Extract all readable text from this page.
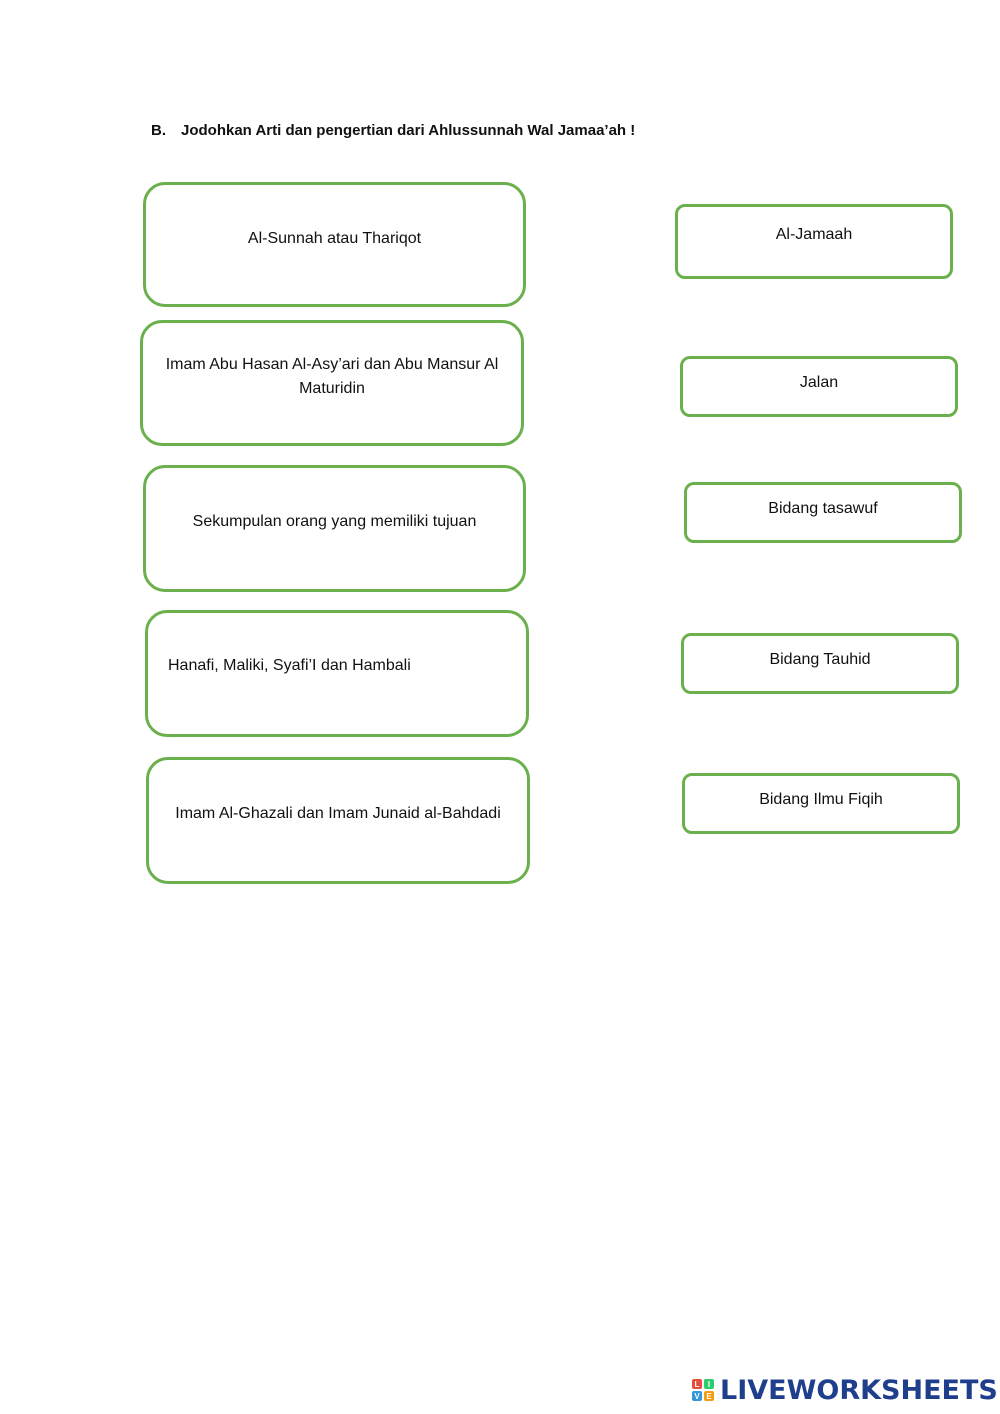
B. Jodohkan Arti dan pengertian dari Ahlussunnah Wal Jamaa’ah !
Al-Sunnah atau Thariqot
Imam Abu Hasan Al-Asy’ari dan Abu Mansur Al Maturidin
Sekumpulan orang yang memiliki tujuan
Hanafi, Maliki, Syafi’I dan Hambali
Imam Al-Ghazali dan Imam Junaid al-Bahdadi
Al-Jamaah
Jalan
Bidang tasawuf
Bidang Tauhid
Bidang Ilmu Fiqih
L	I
V E LIVEWORKSHEETS
